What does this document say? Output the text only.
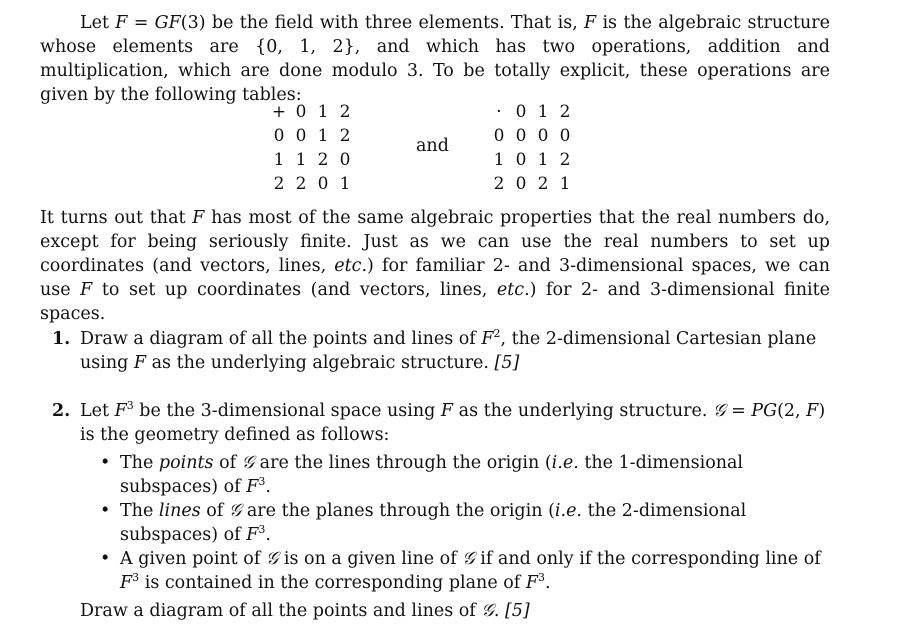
Let F = GF(3) be the field with three elements. That is, F is the algebraic structure whose elements are {0, 1, 2}, and which has two operations, addition and multiplication, which are done modulo 3. To be totally explicit, these operations are given by the following tables:
+	0	1	2
0	0	1	2
1	1	2	0
2	2	0	1
and
·	0	1	2
0	0	0	0
1	0	1	2
2	0	2	1
It turns out that F has most of the same algebraic properties that the real numbers do, except for being seriously finite. Just as we can use the real numbers to set up coordinates (and vectors, lines, etc.) for familiar 2- and 3-dimensional spaces, we can use F to set up coordinates (and vectors, lines, etc.) for 2- and 3-dimensional finite spaces.
1. Draw a diagram of all the points and lines of $F^2$, the 2-dimensional Cartesian plane using F as the underlying algebraic structure. [5]
2. Let $F^3$ be the 3-dimensional space using F as the underlying structure. 𝒢 = PG(2, F) is the geometry defined as follows:
• The points of 𝒢 are the lines through the origin (i.e. the 1-dimensional subspaces) of $F^3$.
• The lines of 𝒢 are the planes through the origin (i.e. the 2-dimensional subspaces) of $F^3$.
• A given point of 𝒢 is on a given line of 𝒢 if and only if the corresponding line of $F^3$ is contained in the corresponding plane of $F^3$.
Draw a diagram of all the points and lines of 𝒢. [5]
